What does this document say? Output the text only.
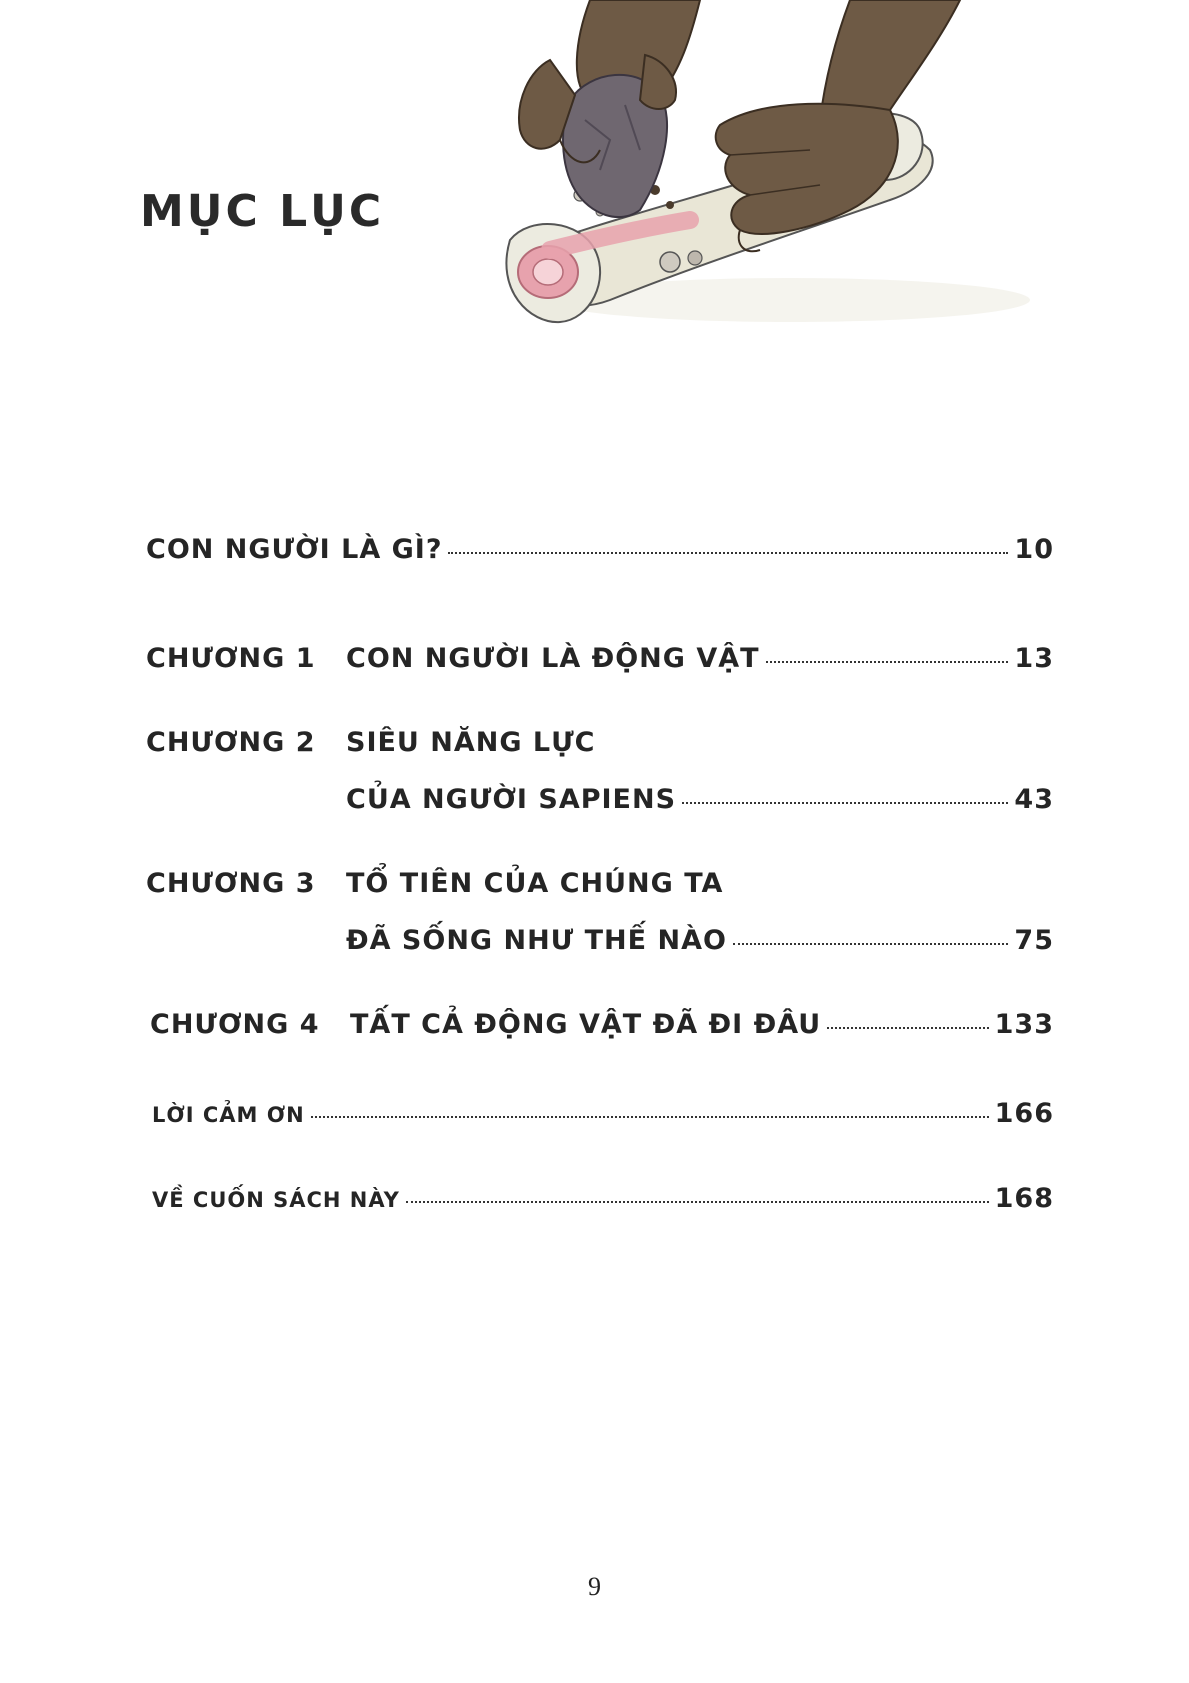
MỤC LỤC
CON NGƯỜI LÀ GÌ?	10
CHƯƠNG 1 CON NGƯỜI LÀ ĐỘNG VẬT	13
CHƯƠNG 2 SIÊU NĂNG LỰC
CỦA NGƯỜI SAPIENS	43
CHƯƠNG 3 TỔ TIÊN CỦA CHÚNG TA
ĐÃ SỐNG NHƯ THẾ NÀO	75
CHƯƠNG 4 TẤT CẢ ĐỘNG VẬT ĐÃ ĐI ĐÂU	133
LỜI CẢM ƠN	166
VỀ CUỐN SÁCH NÀY	168
9
